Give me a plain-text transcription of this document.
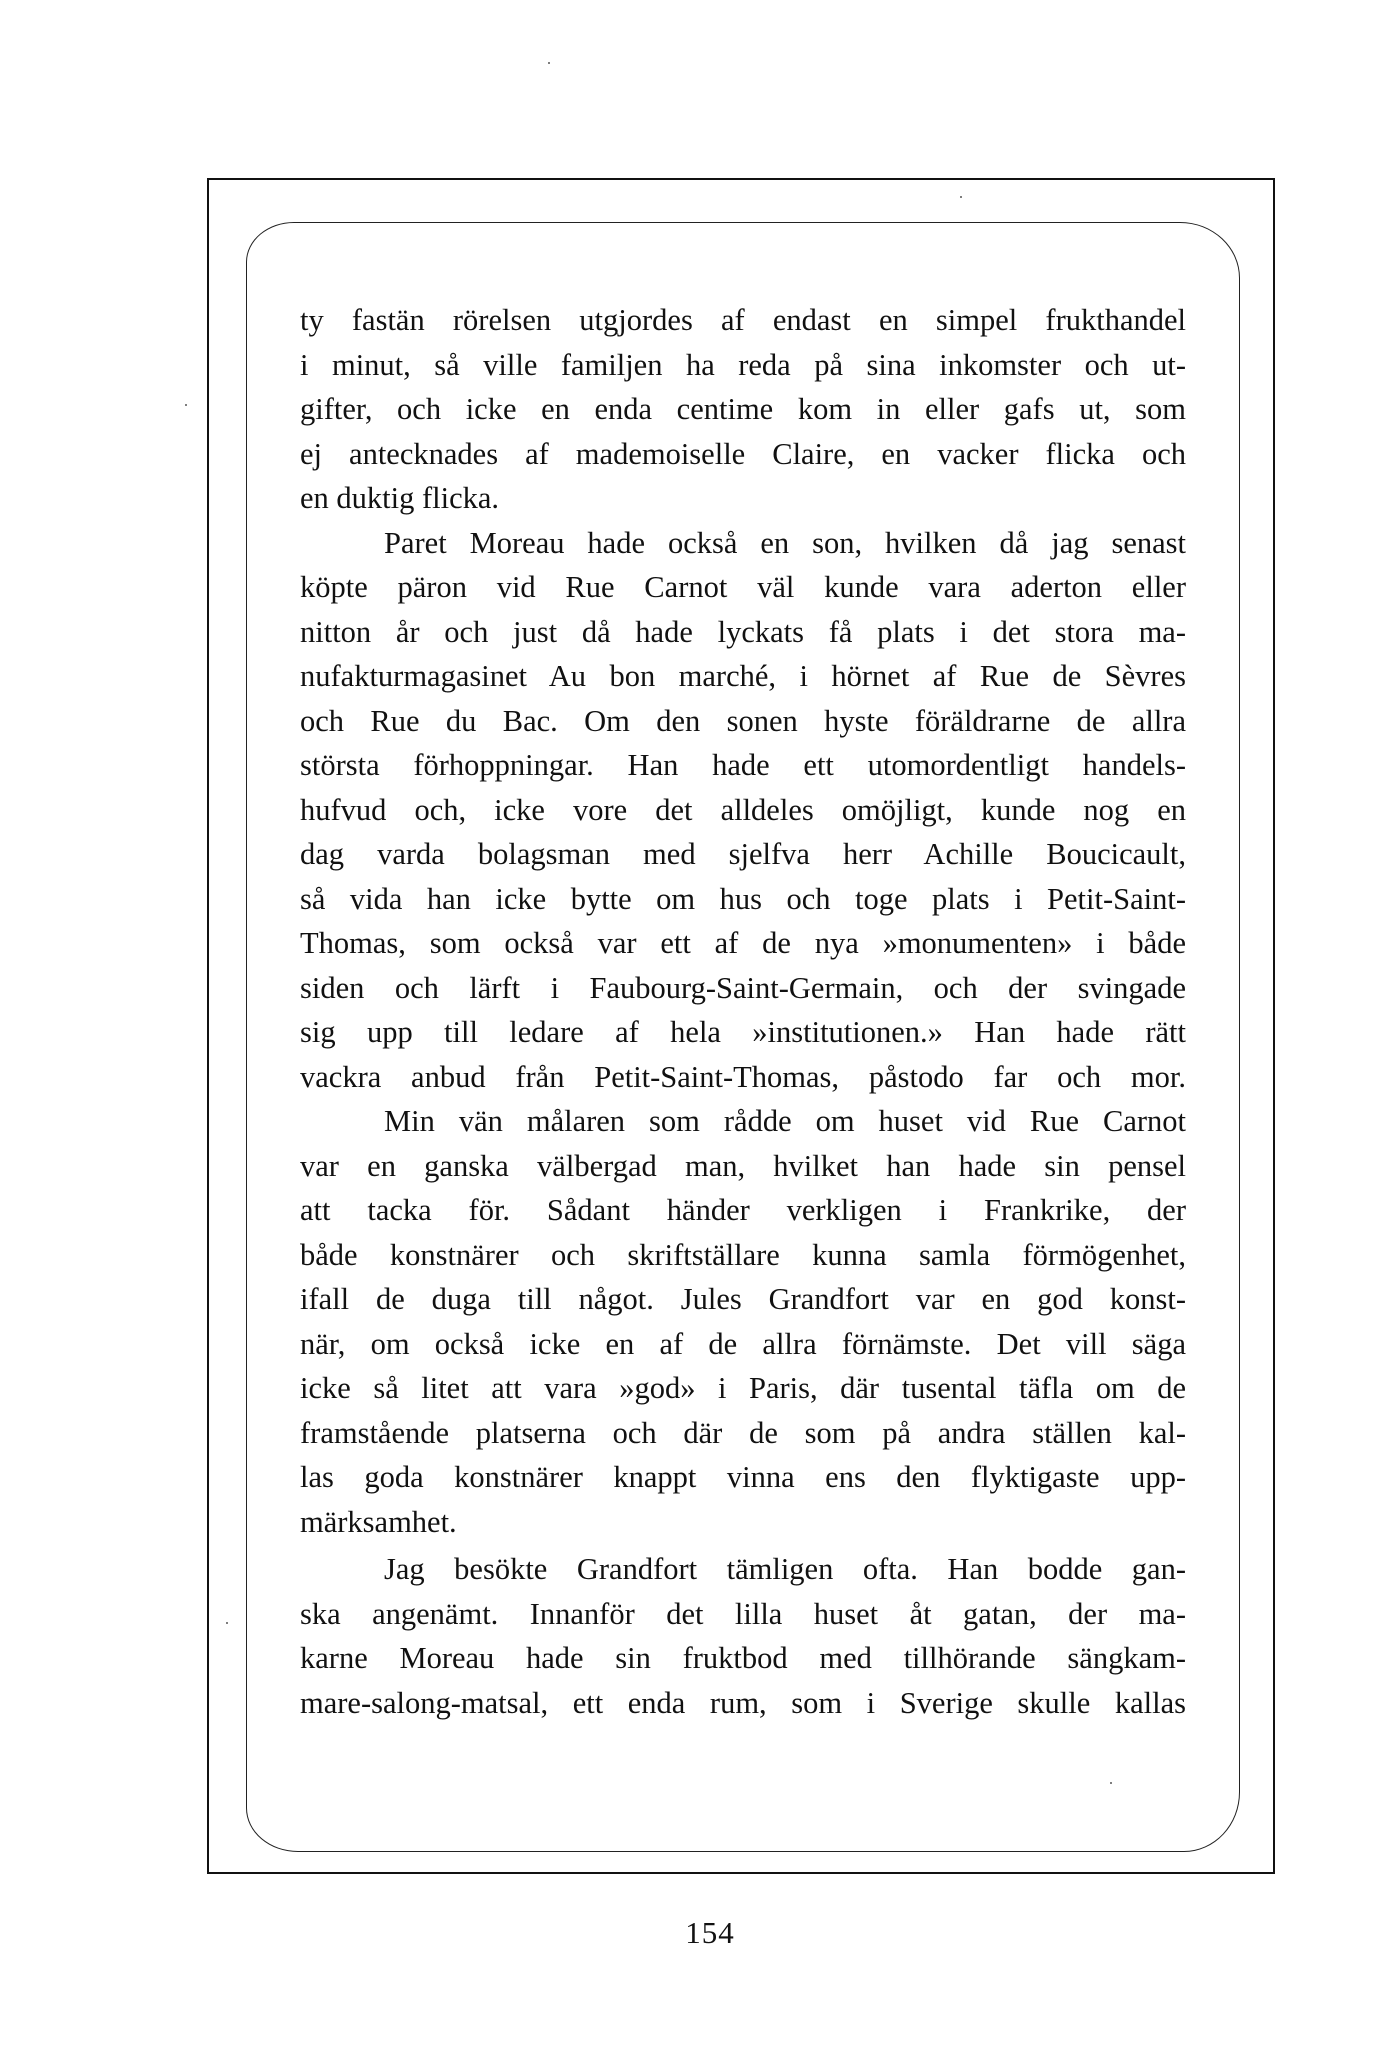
ty fastän rörelsen utgjordes af endast en simpel frukthandel
i minut, så ville familjen ha reda på sina inkomster och ut-
gifter, och icke en enda centime kom in eller gafs ut, som
ej antecknades af mademoiselle Claire, en vacker flicka och
en duktig flicka.
Paret Moreau hade också en son, hvilken då jag senast
köpte päron vid Rue Carnot väl kunde vara aderton eller
nitton år och just då hade lyckats få plats i det stora ma-
nufakturmagasinet Au bon marché, i hörnet af Rue de Sèvres
och Rue du Bac. Om den sonen hyste föräldrarne de allra
största förhoppningar. Han hade ett utomordentligt handels-
hufvud och, icke vore det alldeles omöjligt, kunde nog en
dag varda bolagsman med sjelfva herr Achille Boucicault,
så vida han icke bytte om hus och toge plats i Petit-Saint-
Thomas, som också var ett af de nya »monumenten» i både
siden och lärft i Faubourg-Saint-Germain, och der svingade
sig upp till ledare af hela »institutionen.» Han hade rätt
vackra anbud från Petit-Saint-Thomas, påstodo far och mor.
Min vän målaren som rådde om huset vid Rue Carnot
var en ganska välbergad man, hvilket han hade sin pensel
att tacka för. Sådant händer verkligen i Frankrike, der
både konstnärer och skriftställare kunna samla förmögenhet,
ifall de duga till något. Jules Grandfort var en god konst-
när, om också icke en af de allra förnämste. Det vill säga
icke så litet att vara »god» i Paris, där tusental täfla om de
framstående platserna och där de som på andra ställen kal-
las goda konstnärer knappt vinna ens den flyktigaste upp-
märksamhet.
Jag besökte Grandfort tämligen ofta. Han bodde gan-
ska angenämt. Innanför det lilla huset åt gatan, der ma-
karne Moreau hade sin fruktbod med tillhörande sängkam-
mare-salong-matsal, ett enda rum, som i Sverige skulle kallas
154
